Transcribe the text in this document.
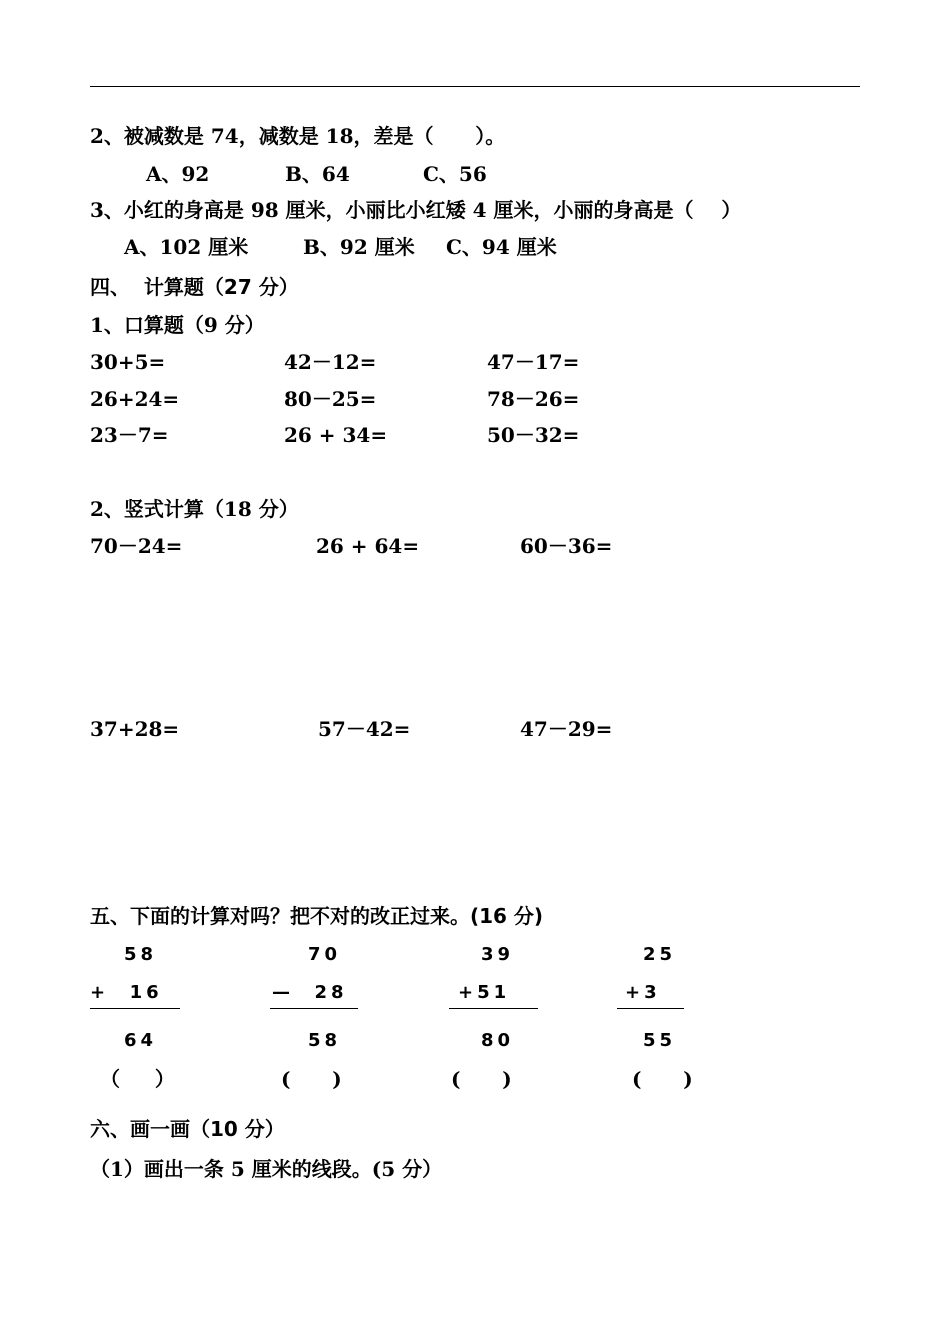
2、被减数是 74，减数是 18，差是（      ）。
A、92	B、64	C、56
3、小红的身高是 98 厘米，小丽比小红矮 4 厘米，小丽的身高是（    ）
A、102 厘米	B、92 厘米 C、94 厘米
四、  计算题（27 分）
1、口算题（9 分）
30+5=	42－12=	47－17=
26+24=	80－25=	78－26=
23－7=	26 + 34=	50－32=
2、竖式计算（18 分）
70－24=	26 + 64=	60－36=
37+28=	57－42=	47－29=
五、下面的计算对吗？把不对的改正过来。(16 分)
58
+  16
64
（     ）
70
—  28
58
(      )
39
+51
80
(      )
25
+3
55
(      )
六、画一画（10 分）
（1）画出一条 5 厘米的线段。(5 分）
